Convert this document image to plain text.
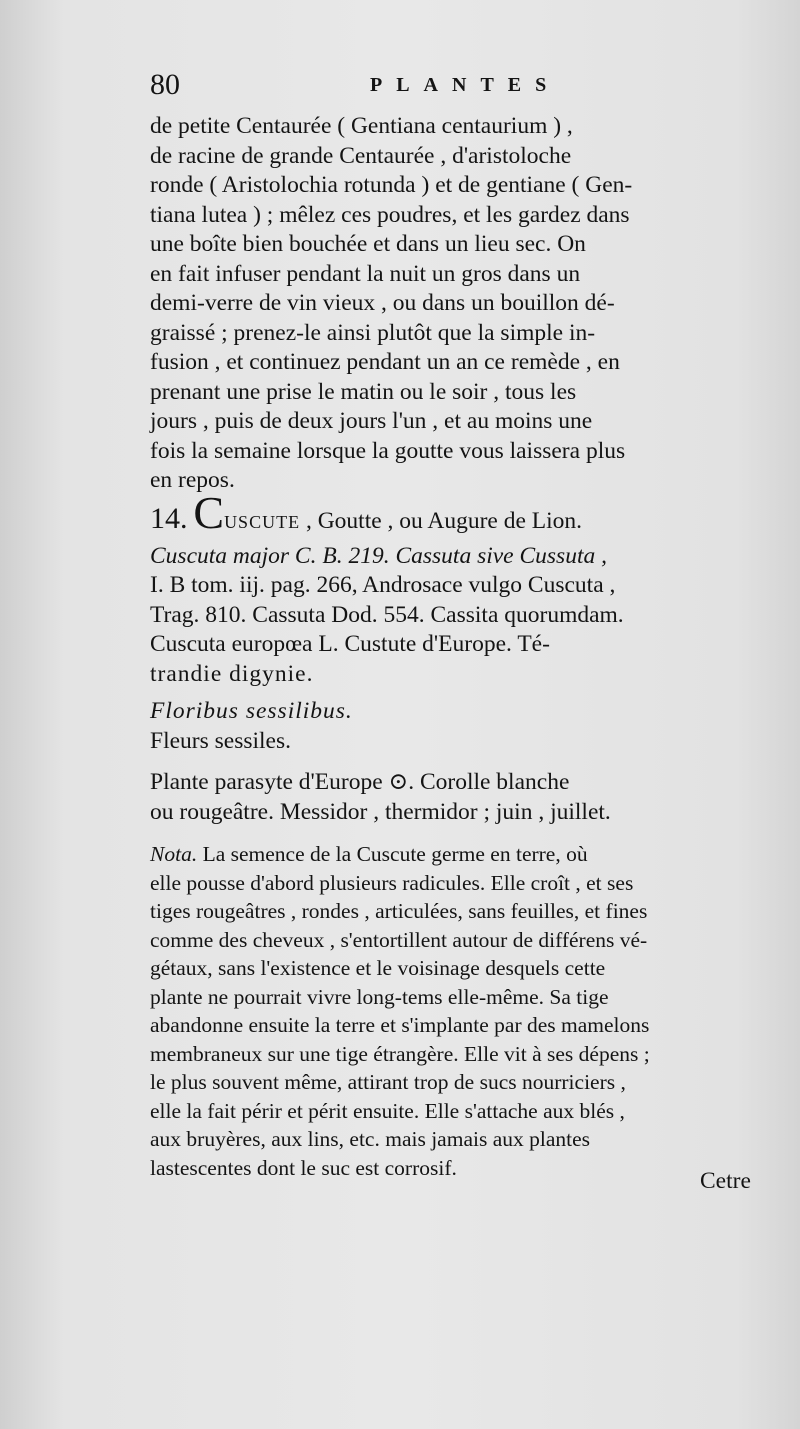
80	PLANTES
de petite Centaurée ( Gentiana centaurium ) ,
de racine de grande Centaurée , d'aristoloche
ronde ( Aristolochia rotunda ) et de gentiane ( Gen-
tiana lutea ) ; mêlez ces poudres, et les gardez dans
une boîte bien bouchée et dans un lieu sec. On
en fait infuser pendant la nuit un gros dans un
demi-verre de vin vieux , ou dans un bouillon dé-
graissé ; prenez-le ainsi plutôt que la simple in-
fusion , et continuez pendant un an ce remède , en
prenant une prise le matin ou le soir , tous les
jours , puis de deux jours l'un , et au moins une
fois la semaine lorsque la goutte vous laissera plus
en repos.
14. CUSCUTE , Goutte , ou Augure de Lion.
Cuscuta major C. B. 219. Cassuta sive Cussuta ,
I. B tom. iij. pag. 266, Androsace vulgo Cuscuta ,
Trag. 810. Cassuta Dod. 554. Cassita quorumdam.
Cuscuta europœa L. Custute d'Europe. Té-
trandie digynie.
Floribus sessilibus.
Fleurs sessiles.
Plante parasyte d'Europe ⊙. Corolle blanche
ou rougeâtre. Messidor , thermidor ; juin , juillet.
Nota. La semence de la Cuscute germe en terre, où
elle pousse d'abord plusieurs radicules. Elle croît , et ses
tiges rougeâtres , rondes , articulées, sans feuilles, et fines
comme des cheveux , s'entortillent autour de différens vé-
gétaux, sans l'existence et le voisinage desquels cette
plante ne pourrait vivre long-tems elle-même. Sa tige
abandonne ensuite la terre et s'implante par des mamelons
membraneux sur une tige étrangère. Elle vit à ses dépens ;
le plus souvent même, attirant trop de sucs nourriciers ,
elle la fait périr et périt ensuite. Elle s'attache aux blés ,
aux bruyères, aux lins, etc. mais jamais aux plantes
lastescentes dont le suc est corrosif.
Cetre
